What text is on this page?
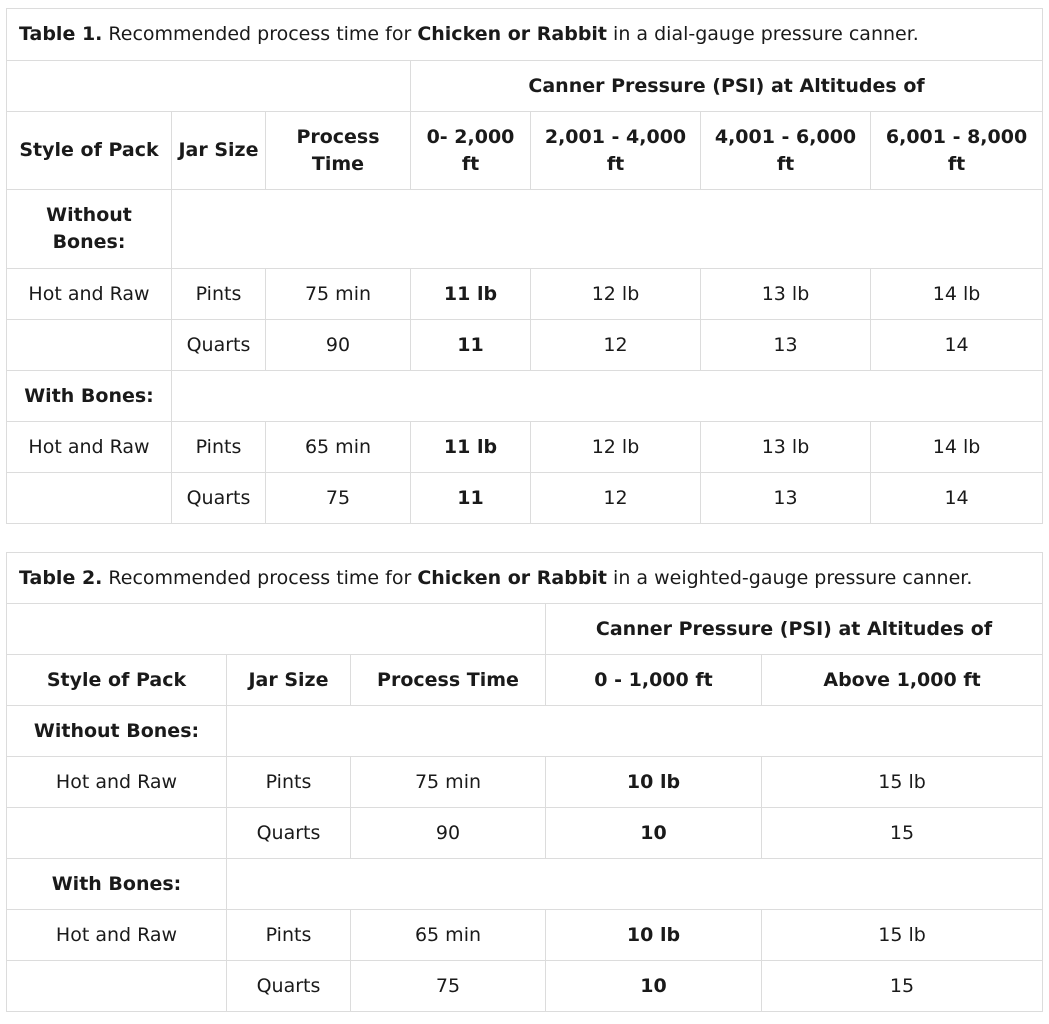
Table 1. Recommended process time for Chicken or Rabbit in a dial-gauge pressure canner.						
			Canner Pressure (PSI) at Altitudes of			
Style of Pack	Jar Size	Process Time	0- 2,000 ft	2,001 - 4,000 ft	4,001 - 6,000 ft	6,001 - 8,000 ft
Without Bones:						
Hot and Raw	Pints	75 min	11 lb	12 lb	13 lb	14 lb
	Quarts	90	11	12	13	14
With Bones:						
Hot and Raw	Pints	65 min	11 lb	12 lb	13 lb	14 lb
	Quarts	75	11	12	13	14
Table 2. Recommended process time for Chicken or Rabbit in a weighted-gauge pressure canner.				
			Canner Pressure (PSI) at Altitudes of	
Style of Pack	Jar Size	Process Time	0 - 1,000 ft	Above 1,000 ft
Without Bones:				
Hot and Raw	Pints	75 min	10 lb	15 lb
	Quarts	90	10	15
With Bones:				
Hot and Raw	Pints	65 min	10 lb	15 lb
	Quarts	75	10	15
